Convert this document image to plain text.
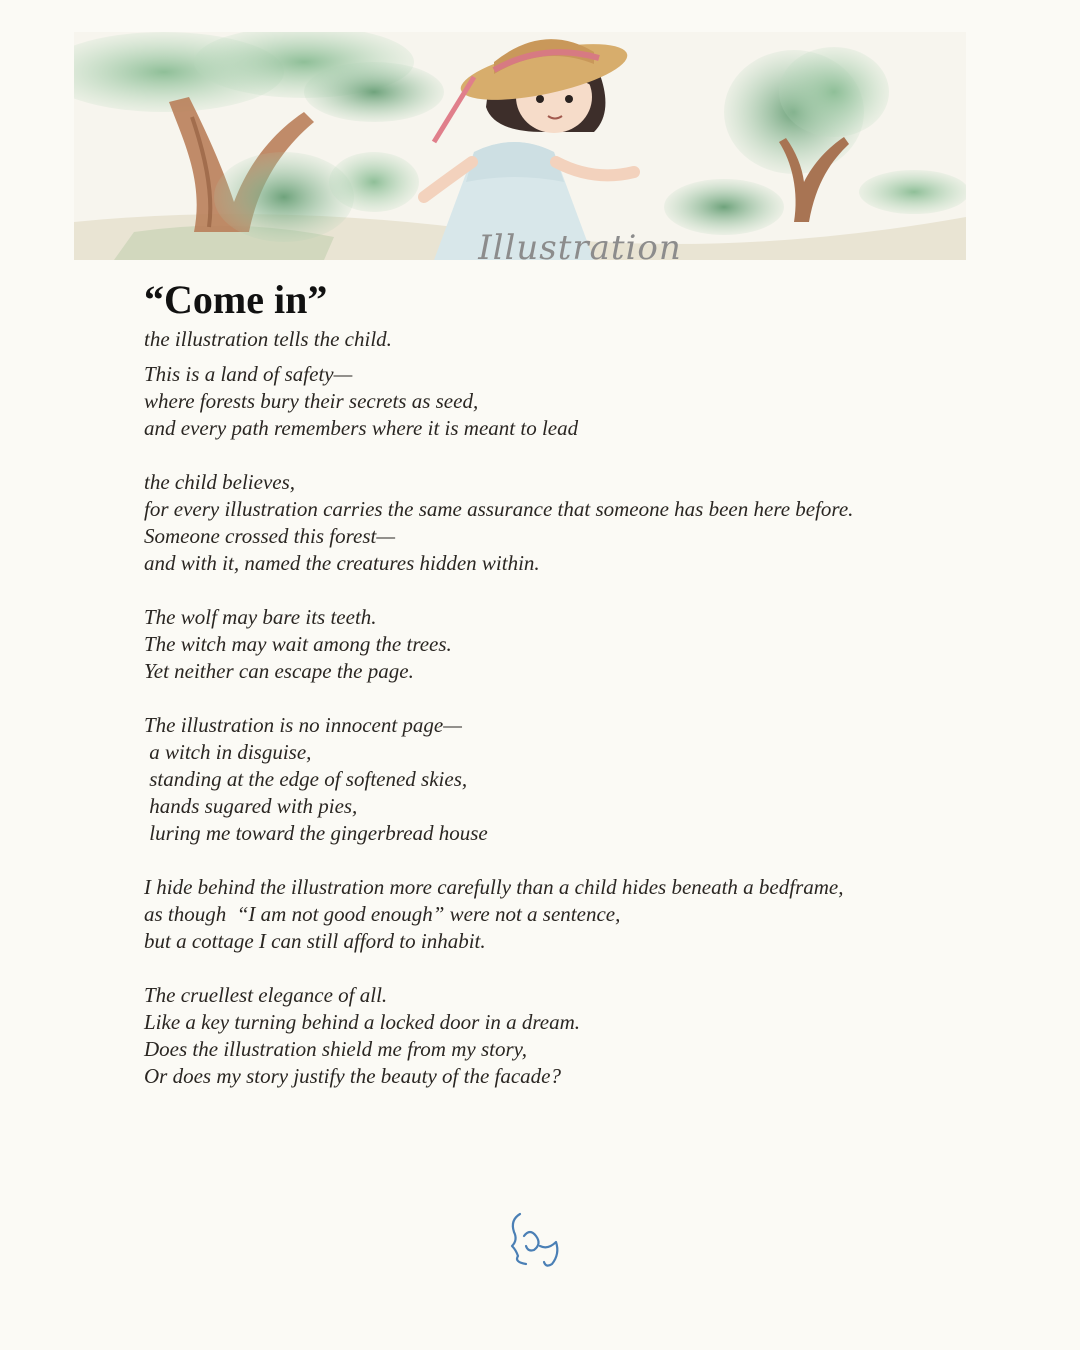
Illustration
“Come in”
the illustration tells the child.
This is a land of safety—
where forests bury their secrets as seed,
and every path remembers where it is meant to lead
the child believes,
for every illustration carries the same assurance that someone has been here before.
Someone crossed this forest—
and with it, named the creatures hidden within.
The wolf may bare its teeth.
The witch may wait among the trees.
Yet neither can escape the page.
The illustration is no innocent page—
a witch in disguise,
standing at the edge of softened skies,
hands sugared with pies,
luring me toward the gingerbread house
I hide behind the illustration more carefully than a child hides beneath a bedframe,
as though  “I am not good enough” were not a sentence,
but a cottage I can still afford to inhabit.
The cruellest elegance of all.
Like a key turning behind a locked door in a dream.
Does the illustration shield me from my story,
Or does my story justify the beauty of the facade?
